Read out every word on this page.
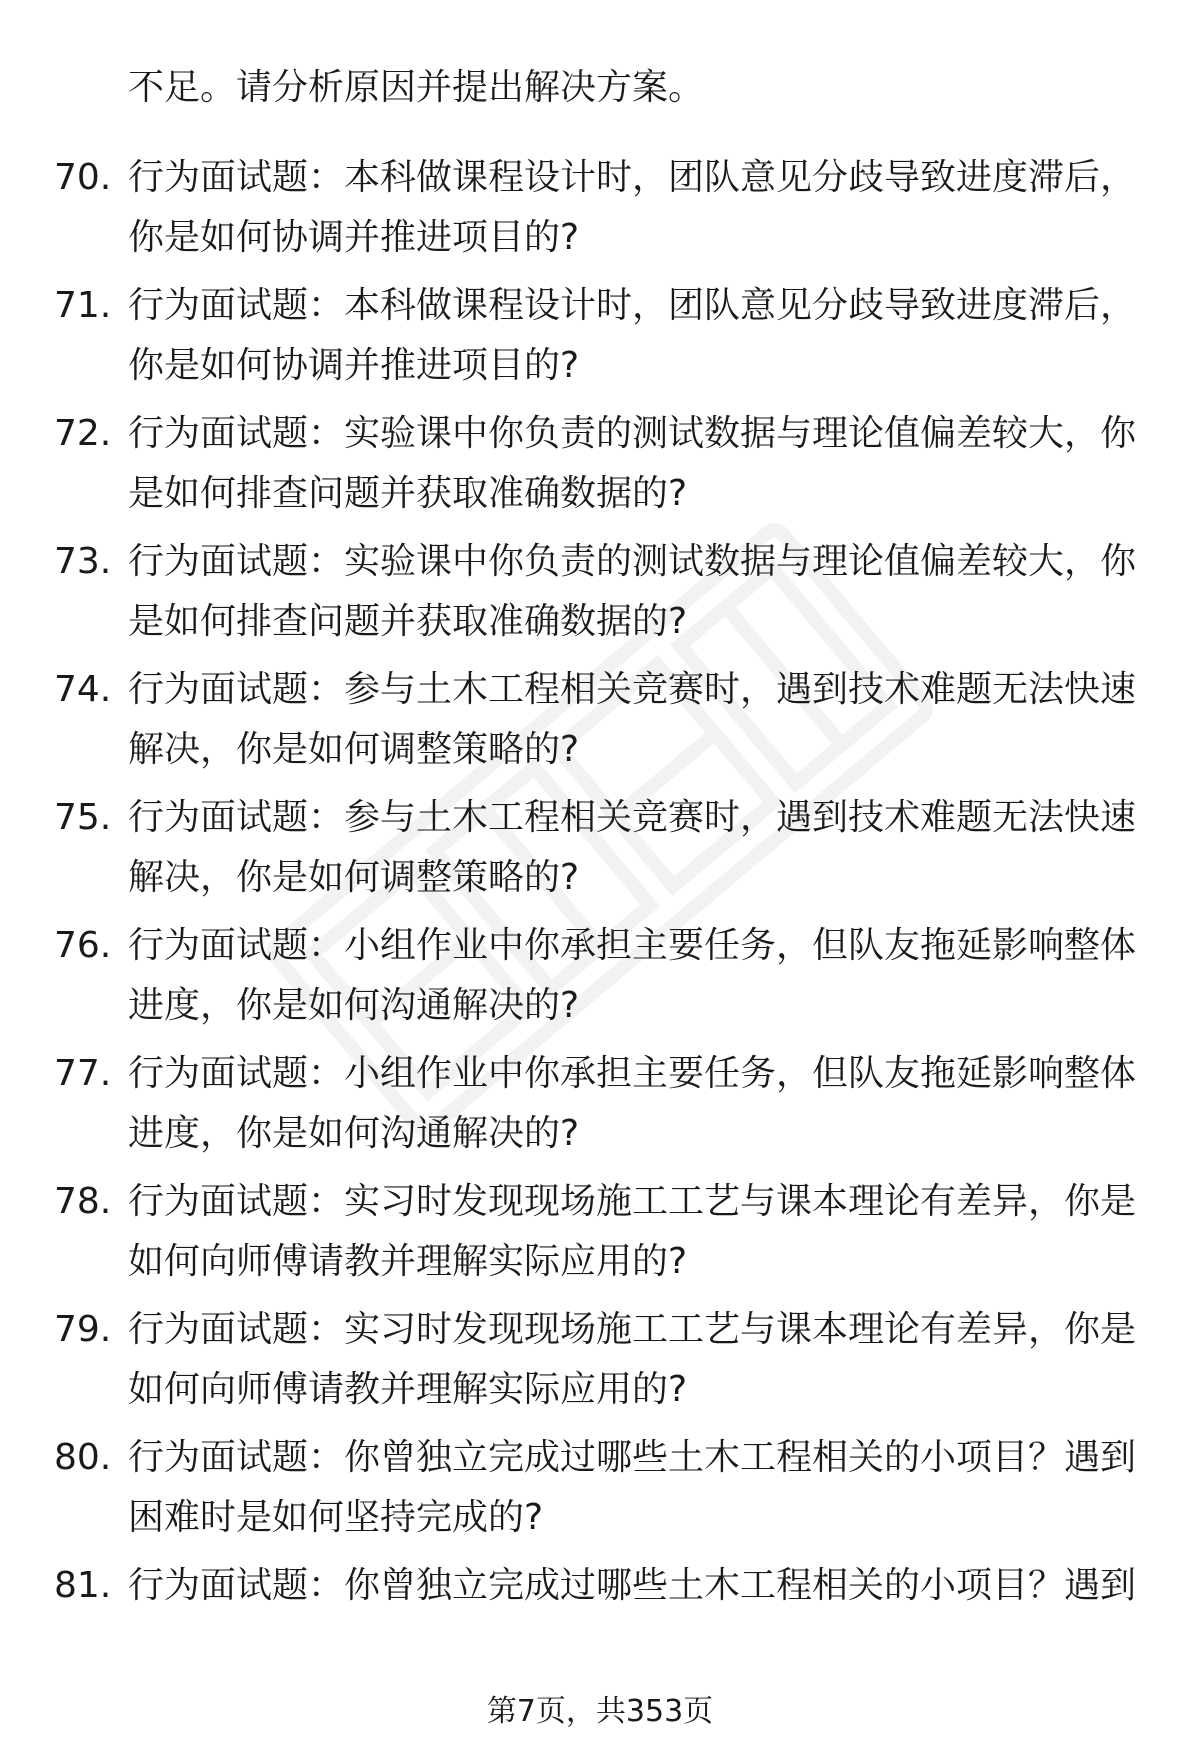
不足。请分析原因并提出解决方案。

70. 行为面试题：本科做课程设计时，团队意见分歧导致进度滞后，
你是如何协调并推进项目的?
71. 行为面试题：本科做课程设计时，团队意见分歧导致进度滞后，
你是如何协调并推进项目的?
72. 行为面试题：实验课中你负责的测试数据与理论值偏差较大，你
是如何排查问题并获取准确数据的?
73. 行为面试题：实验课中你负责的测试数据与理论值偏差较大，你
是如何排查问题并获取准确数据的?
74. 行为面试题：参与土木工程相关竞赛时，遇到技术难题无法快速
解决，你是如何调整策略的?
75. 行为面试题：参与土木工程相关竞赛时，遇到技术难题无法快速
解决，你是如何调整策略的?
76. 行为面试题：小组作业中你承担主要任务，但队友拖延影响整体
进度，你是如何沟通解决的?
77. 行为面试题：小组作业中你承担主要任务，但队友拖延影响整体
进度，你是如何沟通解决的?
78. 行为面试题：实习时发现现场施工工艺与课本理论有差异，你是
如何向师傅请教并理解实际应用的?
79. 行为面试题：实习时发现现场施工工艺与课本理论有差异，你是
如何向师傅请教并理解实际应用的?
80. 行为面试题：你曾独立完成过哪些土木工程相关的小项目？遇到
困难时是如何坚持完成的?
81. 行为面试题：你曾独立完成过哪些土木工程相关的小项目？遇到
第7页，共353页
